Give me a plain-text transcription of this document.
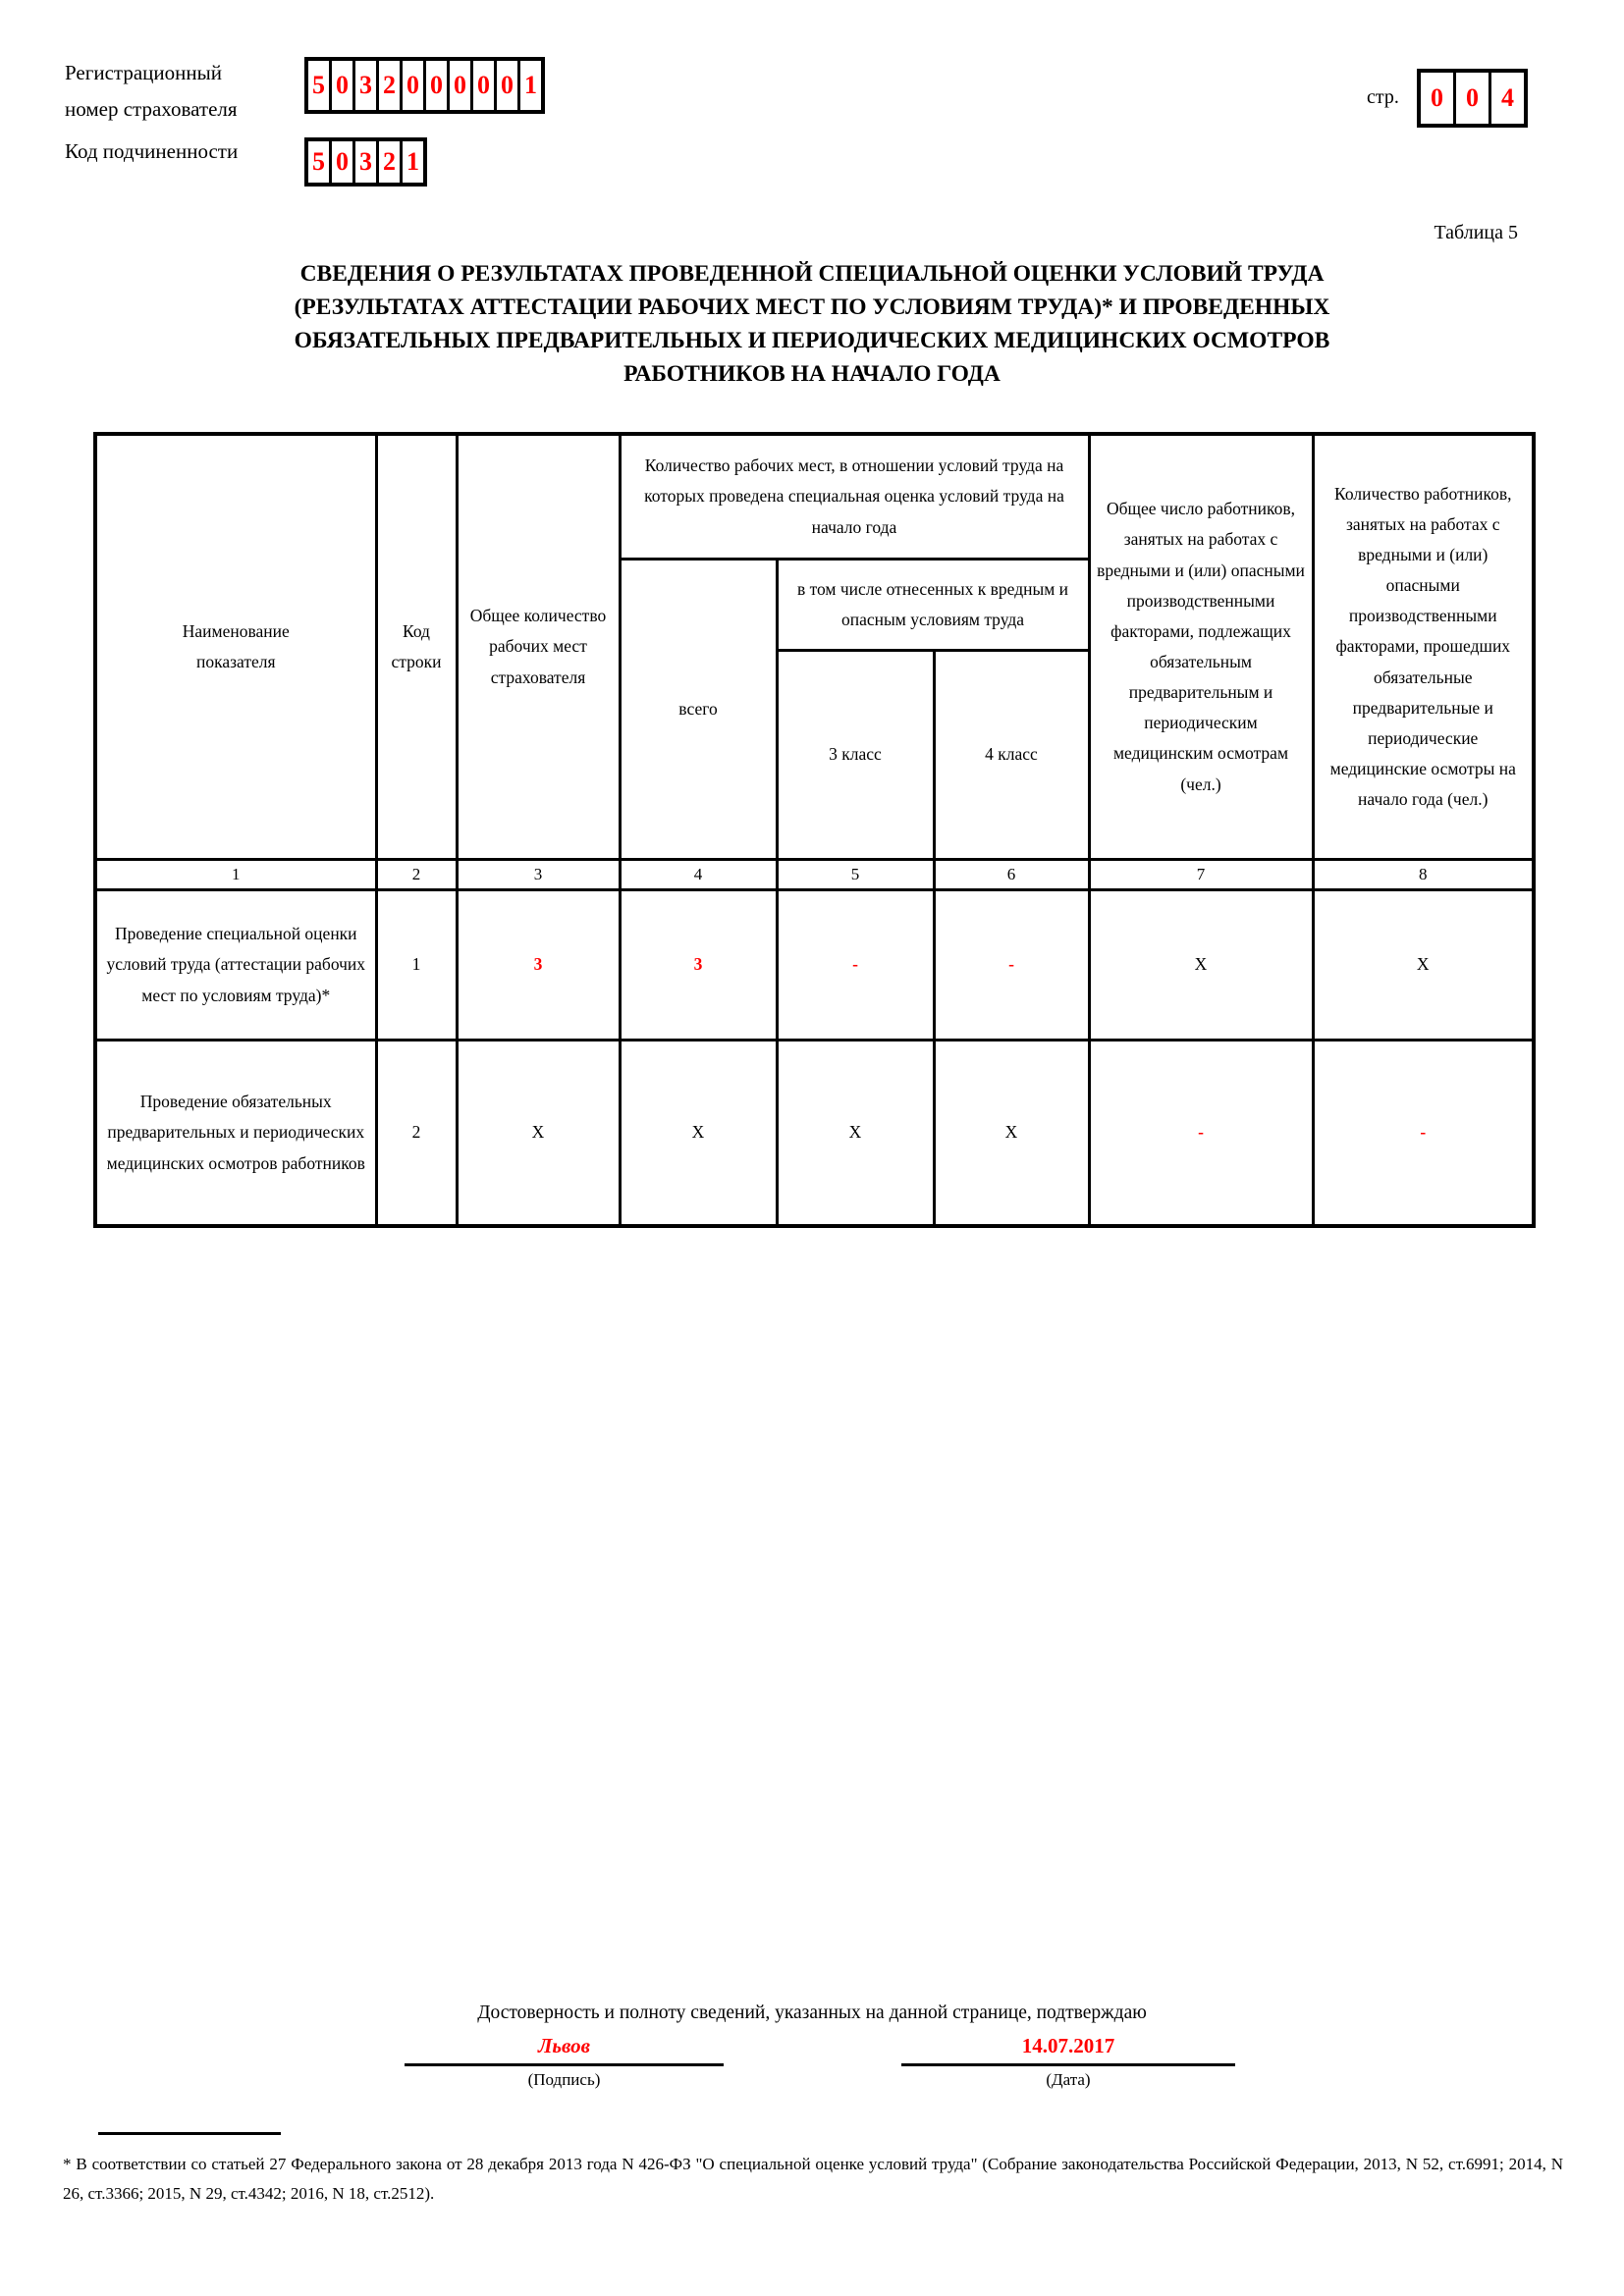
Регистрационный
номер страхователя
5 0 3 2 0 0 0 0 0 1
Код подчиненности	5 0 3 2 1
стр.	0 0 4
Таблица 5
СВЕДЕНИЯ О РЕЗУЛЬТАТАХ ПРОВЕДЕННОЙ СПЕЦИАЛЬНОЙ ОЦЕНКИ УСЛОВИЙ ТРУДА
(РЕЗУЛЬТАТАХ АТТЕСТАЦИИ РАБОЧИХ МЕСТ ПО УСЛОВИЯМ ТРУДА)* И ПРОВЕДЕННЫХ
ОБЯЗАТЕЛЬНЫХ ПРЕДВАРИТЕЛЬНЫХ И ПЕРИОДИЧЕСКИХ МЕДИЦИНСКИХ ОСМОТРОВ
РАБОТНИКОВ НА НАЧАЛО ГОДА
Наименование показателя	Код строки	Общее количество рабочих мест страхователя	Количество рабочих мест, в отношении условий труда на которых проведена специальная оценка условий труда на начало года			Общее число работников, занятых на работах с вредными и (или) опасными производственными факторами, подлежащих обязательным предварительным и периодическим медицинским осмотрам (чел.)	Количество работников, занятых на работах с вредными и (или) опасными производственными факторами, прошедших обязательные предварительные и периодические медицинские осмотры на начало года (чел.)
			всего	в том числе отнесенных к вредным и опасным условиям труда			
				3 класс	4 класс		
1	2	3	4	5	6	7	8
Проведение специальной оценки условий труда (аттестации рабочих мест по условиям труда)*	1	3	3	-	-	X	X
Проведение обязательных предварительных и периодических медицинских осмотров работников	2	X	X	X	X	-	-
Достоверность и полноту сведений, указанных на данной странице, подтверждаю
Львов
(Подпись)
14.07.2017
(Дата)
* В соответствии со статьей 27 Федерального закона от 28 декабря 2013 года N 426-ФЗ "О специальной оценке условий труда" (Собрание законодательства Российской Федерации, 2013, N 52, ст.6991; 2014, N 26, ст.3366; 2015, N 29, ст.4342; 2016, N 18, ст.2512).
